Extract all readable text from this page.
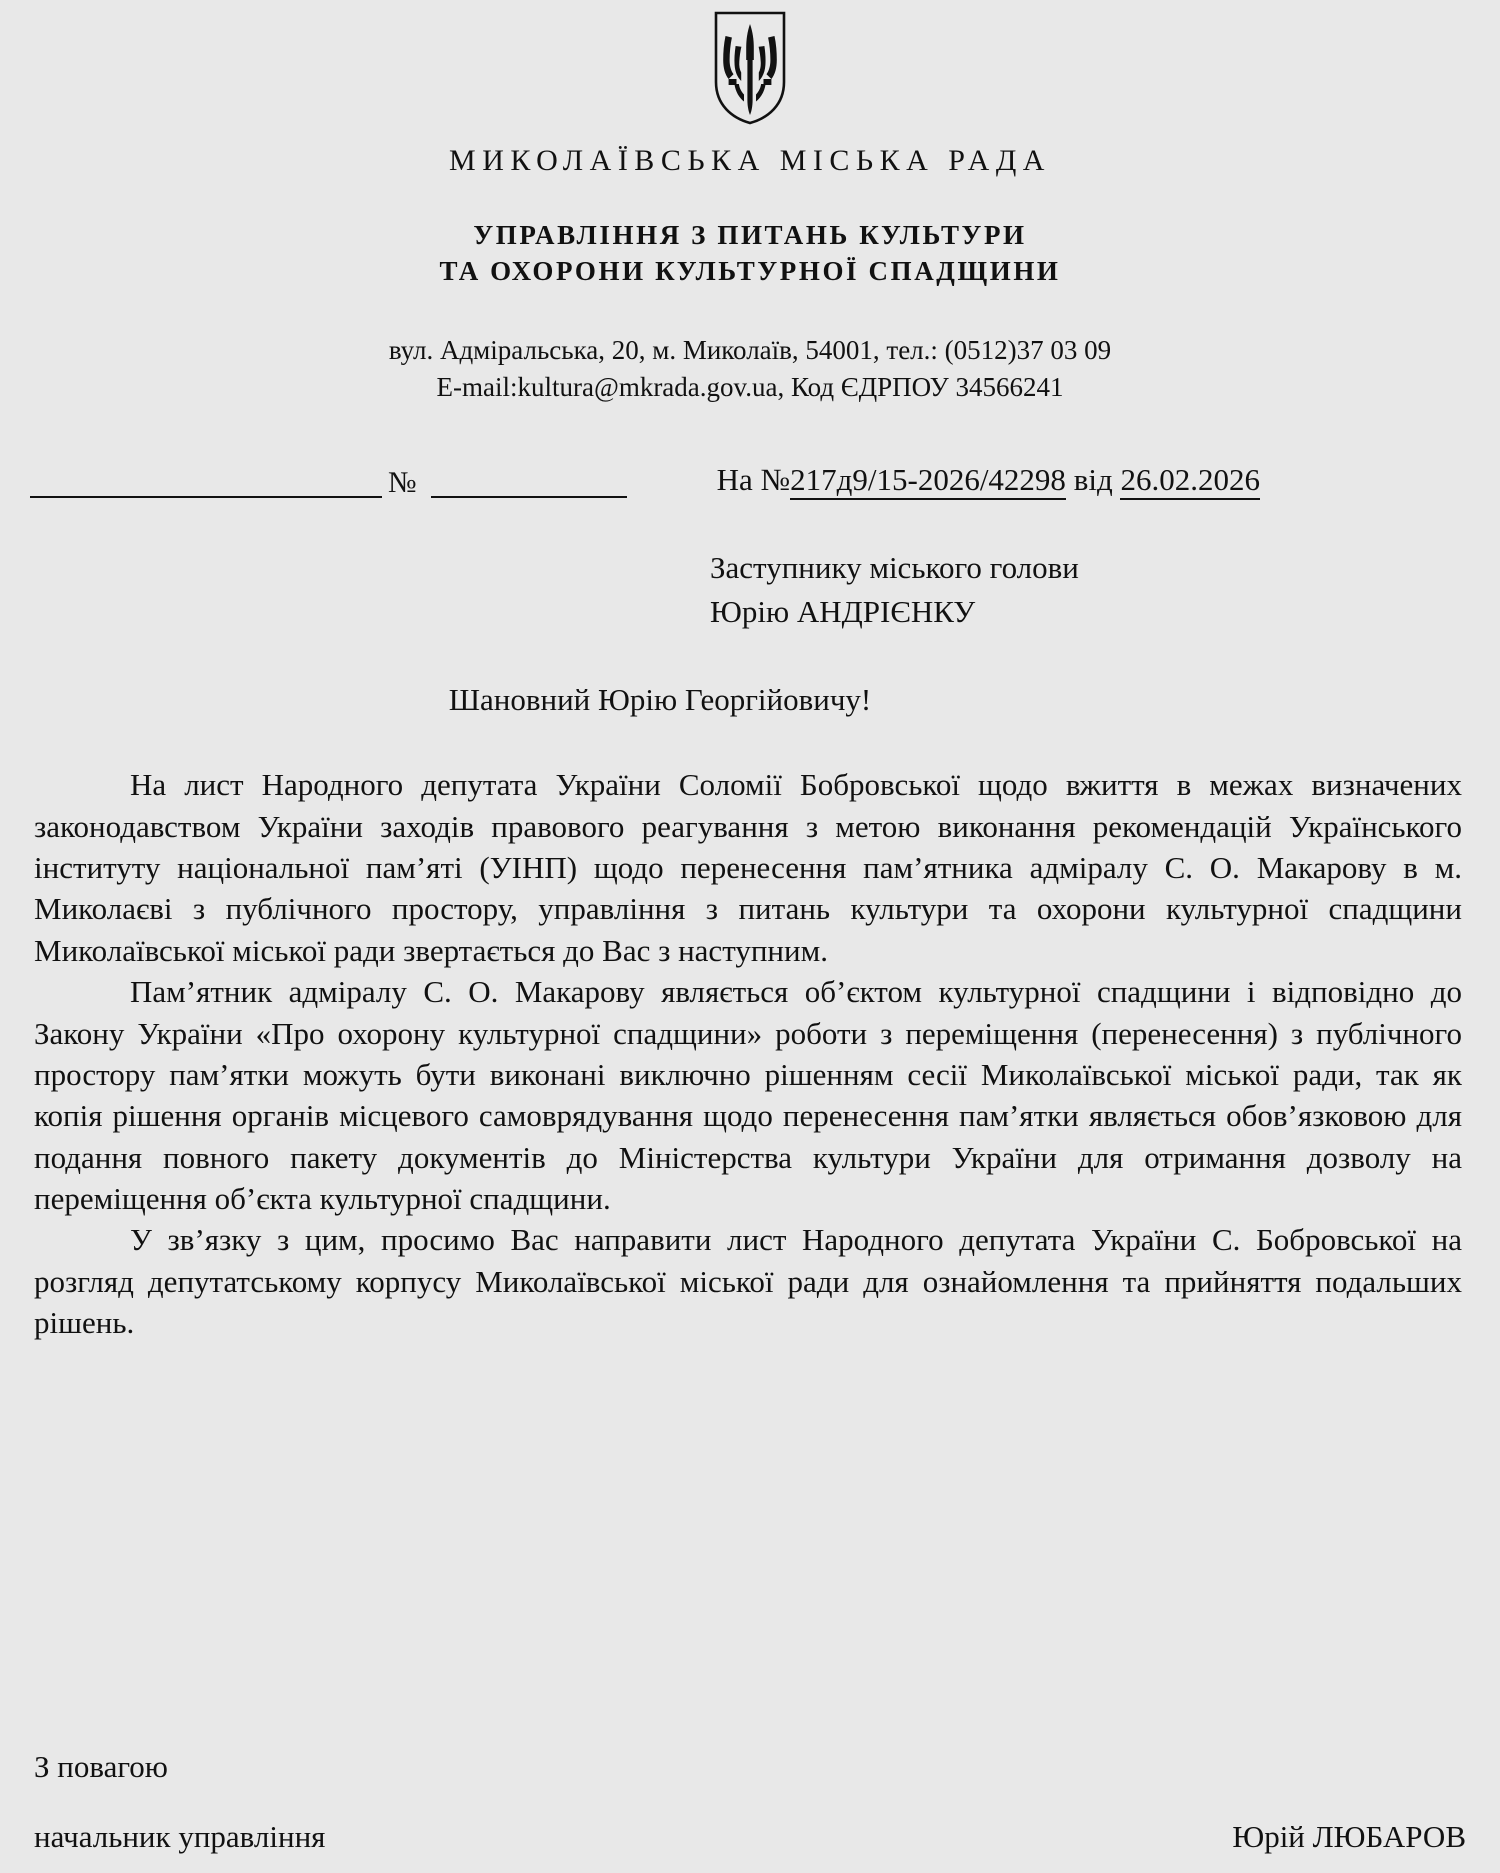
МИКОЛАЇВСЬКА МІСЬКА РАДА
УПРАВЛІННЯ З ПИТАНЬ КУЛЬТУРИ
ТА ОХОРОНИ КУЛЬТУРНОЇ СПАДЩИНИ
вул. Адміральська, 20, м. Миколаїв, 54001, тел.: (0512)37 03 09
E-mail:kultura@mkrada.gov.ua, Код ЄДРПОУ 34566241
№	На №217д9/15-2026/42298 від 26.02.2026
Заступнику міського голови
Юрію АНДРІЄНКУ
Шановний Юрію Георгійовичу!

На лист Народного депутата України Соломії Бобровської щодо вжиття в межах визначених законодавством України заходів правового реагування з метою виконання рекомендацій Українського інституту національної пам’яті (УІНП) щодо перенесення пам’ятника адміралу С. О. Макарову в м. Миколаєві з публічного простору, управління з питань культури та охорони культурної спадщини Миколаївської міської ради звертається до Вас з наступним.

Пам’ятник адміралу С. О. Макарову являється об’єктом культурної спадщини і відповідно до Закону України «Про охорону культурної спадщини» роботи з переміщення (перенесення) з публічного простору пам’ятки можуть бути виконані виключно рішенням сесії Миколаївської міської ради, так як копія рішення органів місцевого самоврядування щодо перенесення пам’ятки являється обов’язковою для подання повного пакету документів до Міністерства культури України для отримання дозволу на переміщення об’єкта культурної спадщини.

У зв’язку з цим, просимо Вас направити лист Народного депутата України С. Бобровської на розгляд депутатському корпусу Миколаївської міської ради для ознайомлення та прийняття подальших рішень.

З повагою
начальник управління	Юрій ЛЮБАРОВ
